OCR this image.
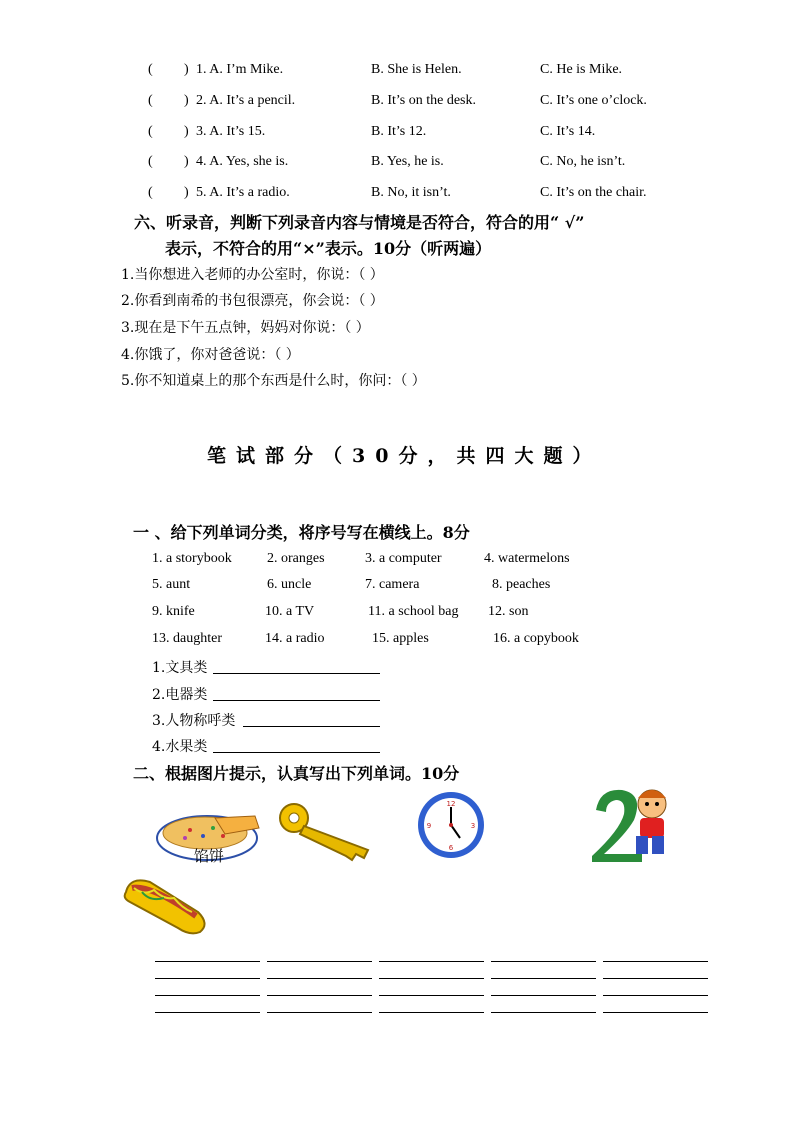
( ) 1. A. I’m Mike.	B. She is Helen.	C. He is Mike.
( ) 2. A. It’s a pencil.	B. It’s on the desk.	C. It’s one o’clock.
( ) 3. A. It’s 15.	B. It’s 12.	C. It’s 14.
( ) 4. A. Yes, she is.	B. Yes, he is.	C. No, he isn’t.
( ) 5. A. It’s a radio.	B. No, it isn’t.	C. It’s on the chair.
六、听录音，判断下列录音内容与情境是否符合，符合的用“ √”
表示，不符合的用“×”表示。10分（听两遍）
1.当你想进入老师的办公室时，你说：（ ）
2.你看到南希的书包很漂亮，你会说：（ ）
3.现在是下午五点钟，妈妈对你说：（ ）
4.你饿了，你对爸爸说：（ ）
5.你不知道桌上的那个东西是什么时，你问：（ ）
笔试部分（30分，共四大题）
一 、给下列单词分类，将序号写在横线上。8分
1. a storybook	2. oranges	3. a computer	4. watermelons
5. aunt	6. uncle	7. camera	8. peaches
9. knife	10. a TV	11. a school bag 12. son
13. daughter	14. a radio	15. apples	16. a copybook
1.文具类
2.电器类
3.人物称呼类
4.水果类
二、根据图片提示，认真写出下列单词。10分
馅饼
12
3
6
9
